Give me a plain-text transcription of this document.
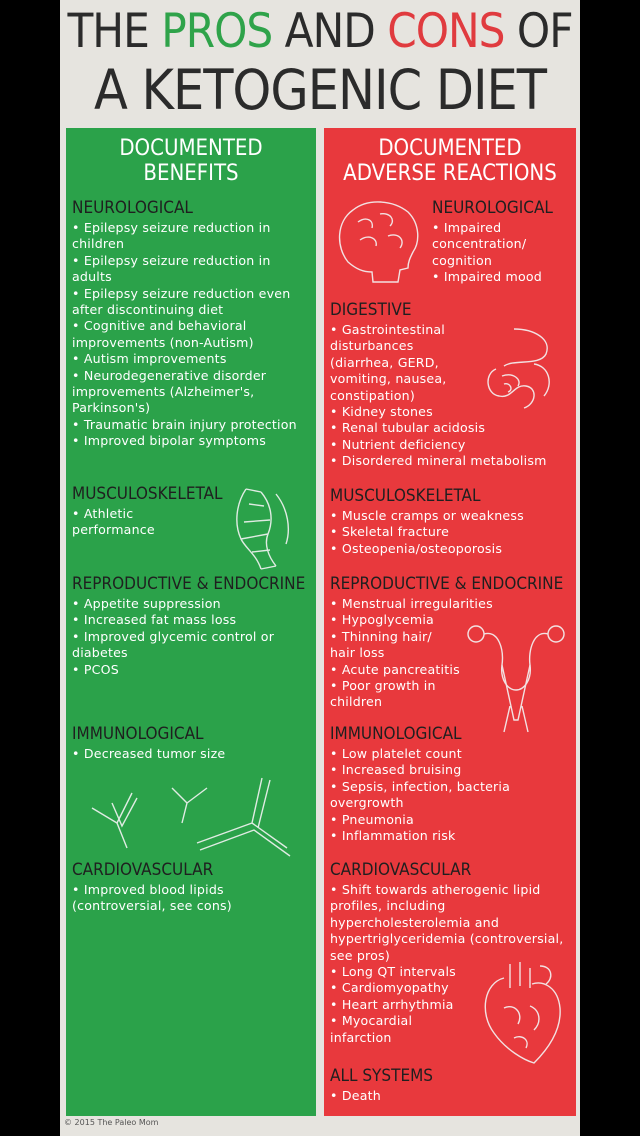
THE PROS AND CONS OF
A KETOGENIC DIET
DOCUMENTED
BENEFITS
NEUROLOGICAL
• Epilepsy seizure reduction in children
• Epilepsy seizure reduction in adults
• Epilepsy seizure reduction even after discontinuing diet
• Cognitive and behavioral improvements (non-Autism)
• Autism improvements
• Neurodegenerative disorder improvements (Alzheimer's, Parkinson's)
• Traumatic brain injury protection
• Improved bipolar symptoms
MUSCULOSKELETAL
• Athletic performance
REPRODUCTIVE & ENDOCRINE
• Appetite suppression
• Increased fat mass loss
• Improved glycemic control or diabetes
• PCOS
IMMUNOLOGICAL
• Decreased tumor size
CARDIOVASCULAR
• Improved blood lipids (controversial, see cons)
DOCUMENTED
ADVERSE REACTIONS
NEUROLOGICAL
• Impaired concentration/ cognition
• Impaired mood
DIGESTIVE
• Gastrointestinal disturbances (diarrhea, GERD, vomiting, nausea, constipation)
• Kidney stones
• Renal tubular acidosis
• Nutrient deficiency
• Disordered mineral metabolism
MUSCULOSKELETAL
• Muscle cramps or weakness
• Skeletal fracture
• Osteopenia/osteoporosis
REPRODUCTIVE & ENDOCRINE
• Menstrual irregularities
• Hypoglycemia
• Thinning hair/ hair loss
• Acute pancreatitis
• Poor growth in children
IMMUNOLOGICAL
• Low platelet count
• Increased bruising
• Sepsis, infection, bacteria overgrowth
• Pneumonia
• Inflammation risk
CARDIOVASCULAR
• Shift towards atherogenic lipid profiles, including hypercholesterolemia and hypertriglyceridemia (controversial, see pros)
• Long QT intervals
• Cardiomyopathy
• Heart arrhythmia
• Myocardial infarction
ALL SYSTEMS
• Death
© 2015 The Paleo Mom
